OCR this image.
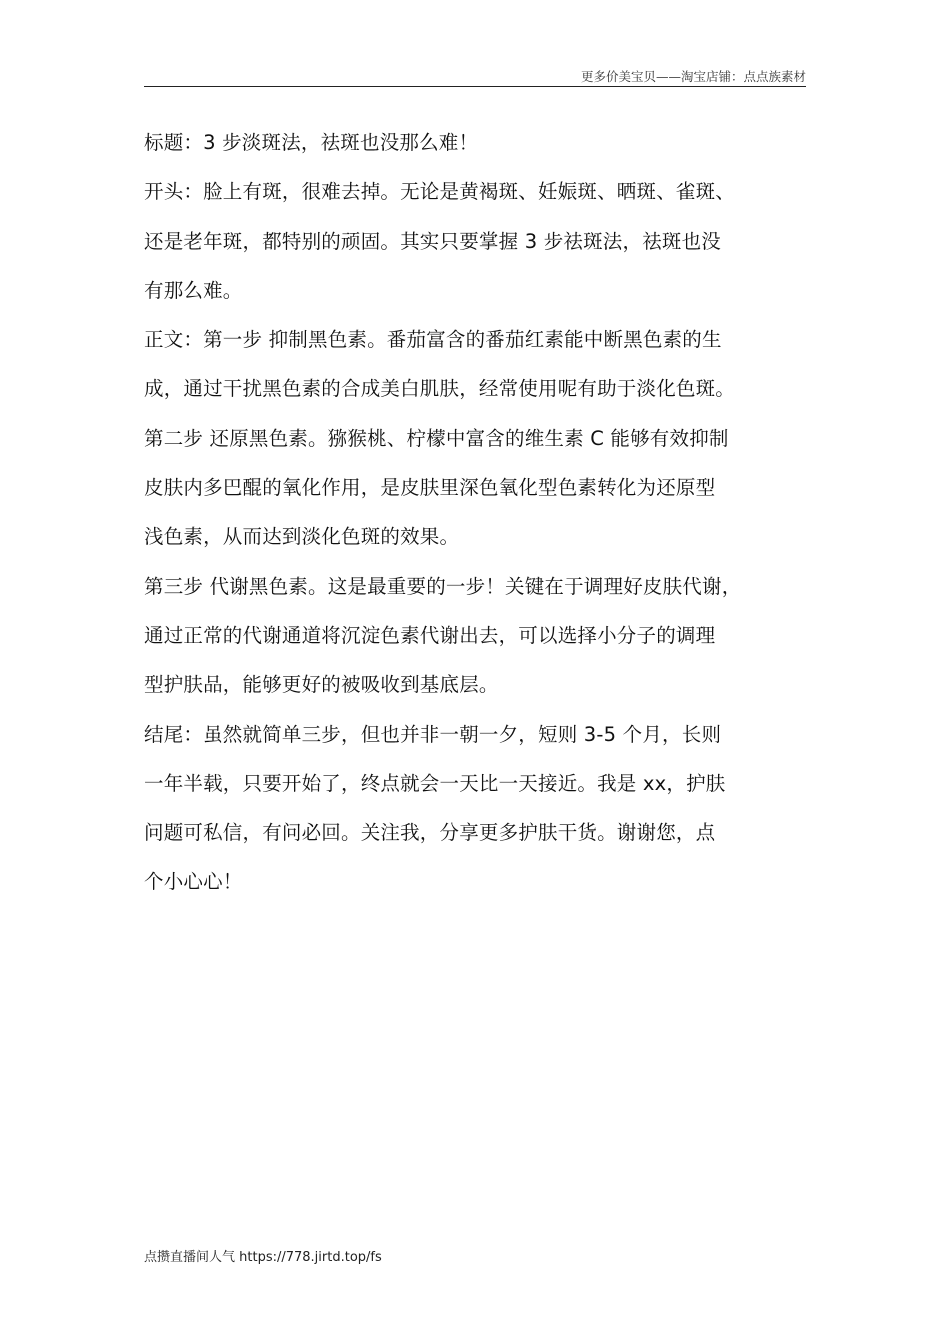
更多价美宝贝——淘宝店铺：点点族素材
标题：3 步淡斑法，祛斑也没那么难！
开头：脸上有斑，很难去掉。无论是黄褐斑、妊娠斑、晒斑、雀斑、
还是老年斑，都特别的顽固。其实只要掌握 3 步祛斑法，祛斑也没
有那么难。
正文：第一步 抑制黑色素。番茄富含的番茄红素能中断黑色素的生
成，通过干扰黑色素的合成美白肌肤，经常使用呢有助于淡化色斑。
第二步 还原黑色素。猕猴桃、柠檬中富含的维生素 C 能够有效抑制
皮肤内多巴醌的氧化作用，是皮肤里深色氧化型色素转化为还原型
浅色素，从而达到淡化色斑的效果。
第三步 代谢黑色素。这是最重要的一步！关键在于调理好皮肤代谢，
通过正常的代谢通道将沉淀色素代谢出去，可以选择小分子的调理
型护肤品，能够更好的被吸收到基底层。
结尾：虽然就简单三步，但也并非一朝一夕，短则 3-5 个月，长则
一年半载，只要开始了，终点就会一天比一天接近。我是 xx，护肤
问题可私信，有问必回。关注我，分享更多护肤干货。谢谢您，点
个小心心！
点攒直播间人气 https://778.jirtd.top/fs
